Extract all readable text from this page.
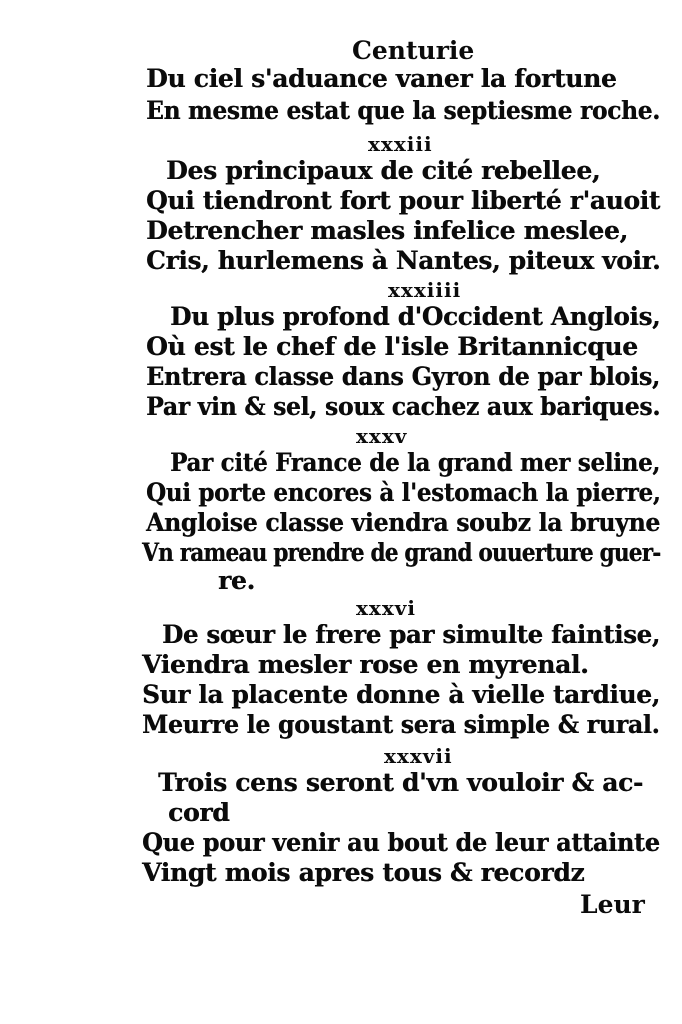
Centurie
Du ciel s'aduance vaner la fortune
En mesme estat que la septiesme roche.
xxxiii
Des principaux de cité rebellee,
Qui tiendront fort pour liberté r'auoit
Detrencher masles infelice meslee,
Cris, hurlemens à Nantes, piteux voir.
xxxiiii
Du plus profond d'Occident Anglois,
Où est le chef de l'isle Britannicque
Entrera classe dans Gyron de par blois,
Par vin & sel, soux cachez aux bariques.
xxxv
Par cité France de la grand mer seline,
Qui porte encores à l'estomach la pierre,
Angloise classe viendra soubz la bruyne
Vn rameau prendre de grand ouuerture guer-
re.
xxxvi
De sœur le frere par simulte faintise,
Viendra mesler rose en myrenal.
Sur la placente donne à vielle tardiue,
Meurre le goustant sera simple & rural.
xxxvii
Trois cens seront d'vn vouloir & ac-
cord
Que pour venir au bout de leur attainte
Vingt mois apres tous & recordz
Leur
